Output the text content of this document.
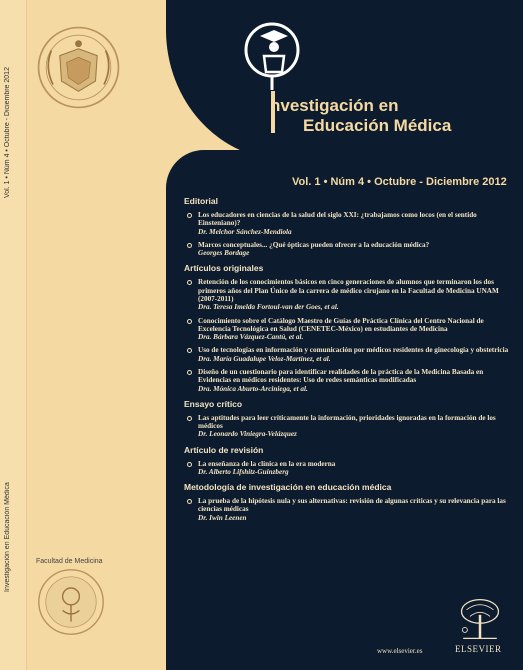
Vol. 1 • Núm 4 • Octubre - Diciembre 2012
Investigación en Educación Médica	Facultad de Medicina
nvestigación en
Educación Médica
Vol. 1 • Núm 4 • Octubre - Diciembre 2012
Editorial
Los educadores en ciencias de la salud del siglo XXI: ¿trabajamos como locos (en el sentido Einsteniano)?
Dr. Melchor Sánchez-Mendiola
Marcos conceptuales... ¿Qué ópticas pueden ofrecer a la educación médica?
Georges Bordage
Artículos originales
Retención de los conocimientos básicos en cinco generaciones de alumnos que terminaron los dos primeros años del Plan Único de la carrera de médico cirujano en la Facultad de Medicina UNAM (2007-2011)
Dra. Teresa Imelda Fortoul-van der Goes, et al.
Conocimiento sobre el Catálogo Maestro de Guías de Práctica Clínica del Centro Nacional de Excelencia Tecnológica en Salud (CENETEC-México) en estudiantes de Medicina
Dra. Bárbara Vázquez-Cantú, et al.
Uso de tecnologías en información y comunicación por médicos residentes de ginecología y obstetricia
Dra. María Guadalupe Veloz-Martínez, et al.
Diseño de un cuestionario para identificar realidades de la práctica de la Medicina Basada en Evidencias en médicos residentes: Uso de redes semánticas modificadas
Dra. Mónica Aburto-Arciniega, et al.
Ensayo crítico
Las aptitudes para leer críticamente la información, prioridades ignoradas en la formación de los médicos
Dr. Leonardo Viniegra-Velázquez
Artículo de revisión
La enseñanza de la clínica en la era moderna
Dr. Alberto Lifshitz-Guinzberg
Metodología de investigación en educación médica
La prueba de la hipótesis nula y sus alternativas: revisión de algunas críticas y su relevancia para las ciencias médicas
Dr. Iwin Leenen
www.elsevier.es	ELSEVIER
